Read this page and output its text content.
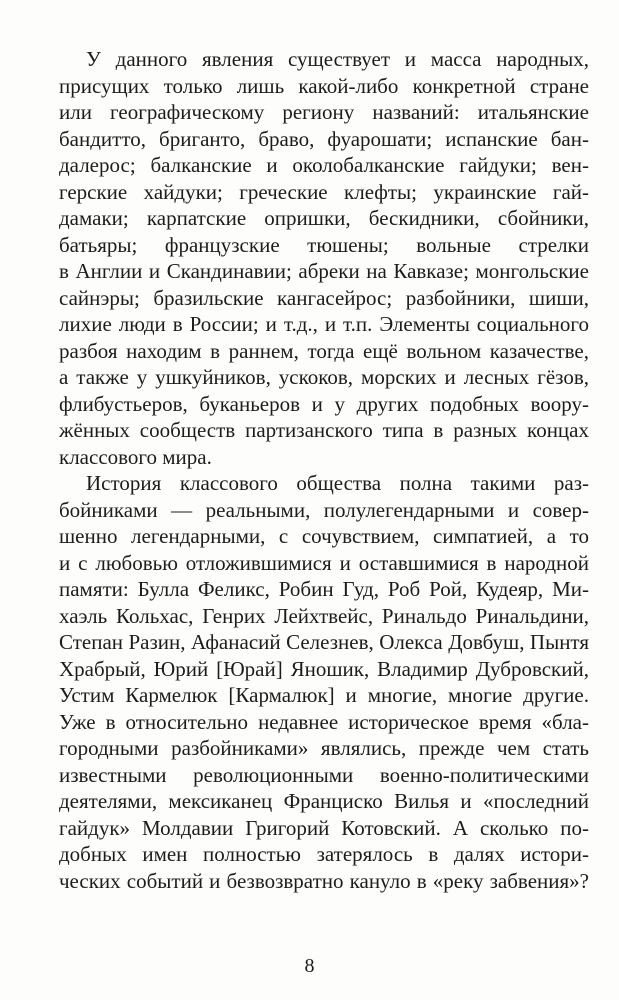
У данного явления существует и масса народных,
присущих только лишь какой-либо конкретной стране
или географическому региону названий: итальянские
бандитто, бриганто, браво, фуарошати; испанские бан-
далерос; балканские и околобалканские гайдуки; вен-
герские хайдуки; греческие клефты; украинские гай-
дамаки; карпатские опришки, бескидники, сбойники,
батьяры; французские тюшены; вольные стрелки
в Англии и Скандинавии; абреки на Кавказе; монгольские
сайнэры; бразильские кангасейрос; разбойники, шиши,
лихие люди в России; и т.д., и т.п. Элементы социального
разбоя находим в раннем, тогда ещё вольном казачестве,
а также у ушкуйников, ускоков, морских и лесных гёзов,
флибустьеров, буканьеров и у других подобных воору-
жённых сообществ партизанского типа в разных концах
классового мира.
История классового общества полна такими раз-
бойниками — реальными, полулегендарными и совер-
шенно легендарными, с сочувствием, симпатией, а то
и с любовью отложившимися и оставшимися в народной
памяти: Булла Феликс, Робин Гуд, Роб Рой, Кудеяр, Ми-
хаэль Кольхас, Генрих Лейхтвейс, Ринальдо Ринальдини,
Степан Разин, Афанасий Селезнев, Олекса Довбуш, Пынтя
Храбрый, Юрий [Юрай] Яношик, Владимир Дубровский,
Устим Кармелюк [Кармалюк] и многие, многие другие.
Уже в относительно недавнее историческое время «бла-
городными разбойниками» являлись, прежде чем стать
известными революционными военно-политическими
деятелями, мексиканец Франциско Вилья и «последний
гайдук» Молдавии Григорий Котовский. А сколько по-
добных имен полностью затерялось в далях истори-
ческих событий и безвозвратно кануло в «реку забвения»?
8
